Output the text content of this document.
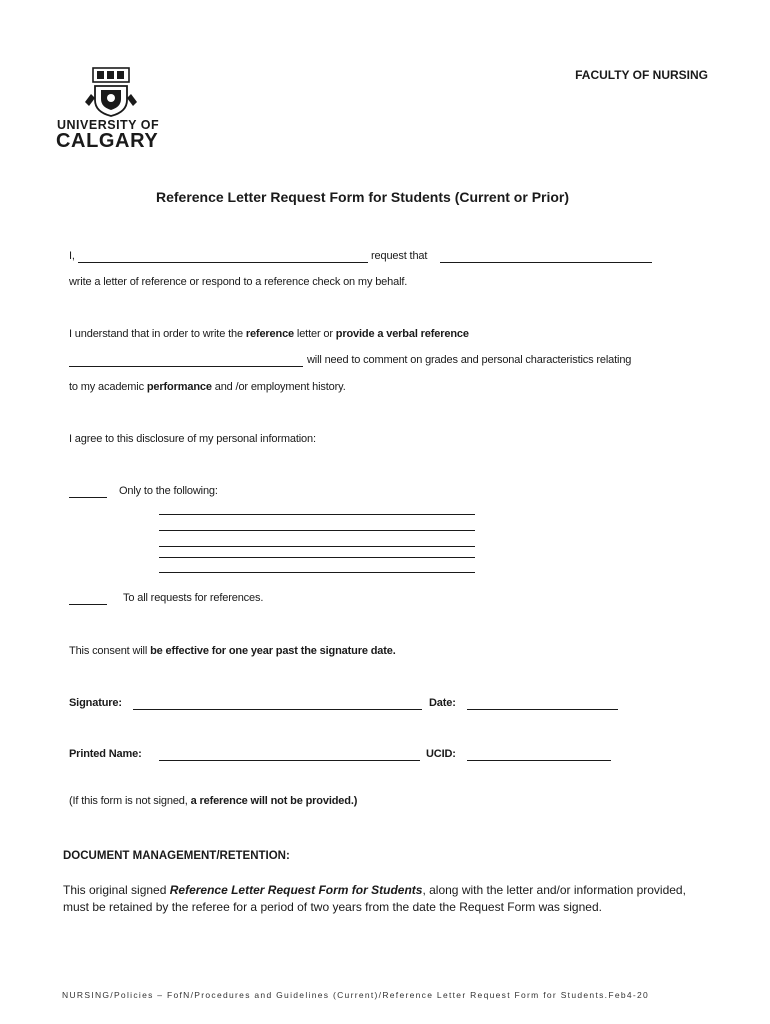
UNIVERSITY OF
CALGARY
FACULTY OF NURSING
Reference Letter Request Form for Students (Current or Prior)
I,	request that
write a letter of reference or respond to a reference check on my behalf.
I understand that in order to write the reference letter or provide a verbal reference
will need to comment on grades and personal characteristics relating
to my academic performance and /or employment history.
I agree to this disclosure of my personal information:
Only to the following:
To all requests for references.
This consent will be effective for one year past the signature date.
Signature:	Date:
Printed Name:	UCID:
(If this form is not signed, a reference will not be provided.)
DOCUMENT MANAGEMENT/RETENTION:
This original signed Reference Letter Request Form for Students, along with the letter and/or information provided, must be retained by the referee for a period of two years from the date the Request Form was signed.
NURSING/Policies – FofN/Procedures and Guidelines (Current)/Reference Letter Request Form for Students.Feb4-20
